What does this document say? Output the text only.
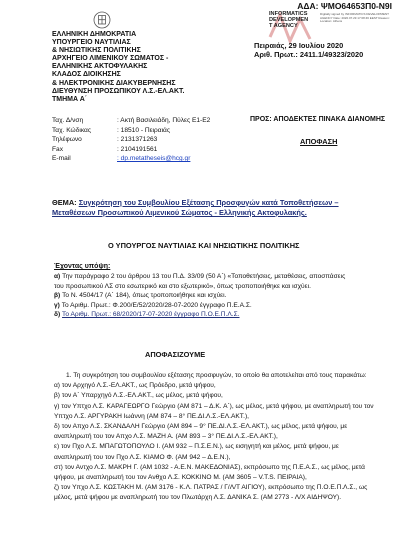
ΑΔΑ: ΨΜΟ64653Π0-Ν9Ι
INFORMATICS
DEVELOPMEN
T AGENCY
Digitally signed by INFORMATICS DEVELOPMENT AGENCY Date: 2020.07.29 17:08:46 EEST Reason: Location: Athens
ΕΛΛΗΝΙΚΗ ΔΗΜΟΚΡΑΤΙΑ
ΥΠΟΥΡΓΕΙΟ ΝΑΥΤΙΛΙΑΣ
& ΝΗΣΙΩΤΙΚΗΣ ΠΟΛΙΤΙΚΗΣ
ΑΡΧΗΓΕΙΟ ΛΙΜΕΝΙΚΟΥ ΣΩΜΑΤΟΣ -
ΕΛΛΗΝΙΚΗΣ ΑΚΤΟΦΥΛΑΚΗΣ
ΚΛΑΔΟΣ ΔΙΟΙΚΗΣΗΣ
& ΗΛΕΚΤΡΟΝΙΚΗΣ ΔΙΑΚΥΒΕΡΝΗΣΗΣ
ΔΙΕΥΘΥΝΣΗ ΠΡΟΣΩΠΙΚΟΥ Λ.Σ.-ΕΛ.ΑΚΤ.
ΤΜΗΜΑ Α΄
Πειραιάς, 29 Ιουλίου 2020
Αριθ. Πρωτ.: 2411.1/49323/2020
Ταχ. Δ/νση	: Ακτή Βασιλειάδη, Πύλες Ε1-Ε2
Ταχ. Κώδικας	: 18510 - Πειραιάς
Τηλέφωνο	: 2131371263
Fax	: 2104191561
E-mail	: dp.metatheseis@hcg.gr
ΠΡΟΣ: ΑΠΟΔΕΚΤΕΣ ΠΙΝΑΚΑ ΔΙΑΝΟΜΗΣ
ΑΠΟΦΑΣΗ
ΘΕΜΑ: Συγκρότηση του Συμβουλίου Εξέτασης Προσφυγών κατά Τοποθετήσεων – Μεταθέσεων Προσωπικού Λιμενικού Σώματος - Ελληνικής Ακτοφυλακής.
Ο ΥΠΟΥΡΓΟΣ ΝΑΥΤΙΛΙΑΣ ΚΑΙ ΝΗΣΙΩΤΙΚΗΣ ΠΟΛΙΤΙΚΗΣ
Έχοντας υπόψη:
α) Την παράγραφο 2 του άρθρου 13 του Π.Δ. 33/09 (50 Α΄) «Τοποθετήσεις, μεταθέσεις, αποσπάσεις του προσωπικού ΛΣ στο εσωτερικό και στο εξωτερικό», όπως τροποποιήθηκε και ισχύει.
β) Το Ν. 4504/17 (Α΄ 184), όπως τροποποιήθηκε και ισχύει.
γ) Το Αριθμ. Πρωτ.: Φ.200/Ε/52/2020/28-07-2020 έγγραφο Π.Ε.Α.Σ.
δ) Το Αριθμ. Πρωτ.: 68/2020/17-07-2020 έγγραφο Π.Ο.Ε.Π.Λ.Σ.
ΑΠΟΦΑΣΙΖΟΥΜΕ

1. Τη συγκρότηση του συμβουλίου εξέτασης προσφυγών, το οποίο θα αποτελείται από τους παρακάτω:

α) τον Αρχηγό Λ.Σ.-ΕΛ.ΑΚΤ., ως Πρόεδρο, μετά ψήφου,

β) τον Α΄ Υπαρχηγό Λ.Σ.-ΕΛ.ΑΚΤ., ως μέλος, μετά ψήφου,

γ) τον Υπτχο Λ.Σ. ΚΑΡΑΓΕΩΡΓΟ Γεώργιο (ΑΜ 871 – Δ.Κ. Α΄), ως μέλος, μετά ψήφου, με αναπληρωτή του τον Υπτχο Λ.Σ. ΑΡΓΥΡΑΚΗ Ιωάννη (ΑΜ 874 – 8° ΠΕ.ΔΙ.Λ.Σ.-ΕΛ.ΑΚΤ.),

δ) τον Απχο Λ.Σ. ΣΚΑΝΔΑΛΗ Γεώργιο (ΑΜ 894 – 9° ΠΕ.ΔΙ.Λ.Σ.-ΕΛ.ΑΚΤ.), ως μέλος, μετά ψήφου, με αναπληρωτή του τον Απχο Λ.Σ. ΜΑΖΗ Α. (ΑΜ 893 – 3° ΠΕ.ΔΙ.Λ.Σ.-ΕΛ.ΑΚΤ.),

ε) τον Πχο Λ.Σ. ΜΠΑΓΩΤΟΠΟΥΛΟ Ι. (ΑΜ 932 – Π.Σ.Ε.Ν.), ως εισηγητή και μέλος, μετά ψήφου, με αναπληρωτή του τον Πχο Λ.Σ. ΚΙΑΜΟ Φ. (ΑΜ 942 – Δ.Ε.Ν.),

στ) τον Αντχο Λ.Σ. ΜΑΚΡΗ Γ. (ΑΜ 1032 - Α.Ε.Ν. ΜΑΚΕΔΟΝΙΑΣ), εκπρόσωπο της Π.Ε.Α.Σ., ως μέλος, μετά ψήφου, με αναπληρωτή του τον Ανθχο Λ.Σ. ΚΟΚΚΙΝΟ Μ. (ΑΜ 3605 – V.T.S. ΠΕΙΡΑΙΑ),

ζ) τον Υπχο Λ.Σ. ΚΩΣΤΑΚΗ Μ. (ΑΜ 3176 - Κ.Λ. ΠΑΤΡΑΣ / Γ/Λ/Τ ΑΙΓΙΟΥ), εκπρόσωπο της Π.Ο.Ε.Π.Λ.Σ., ως μέλος, μετά ψήφου με αναπληρωτή του τον Πλωτάρχη Λ.Σ. ΔΑΝΙΚΑ Σ. (ΑΜ 2773 - Λ/Χ ΑΙΔΗΨΟΥ).
